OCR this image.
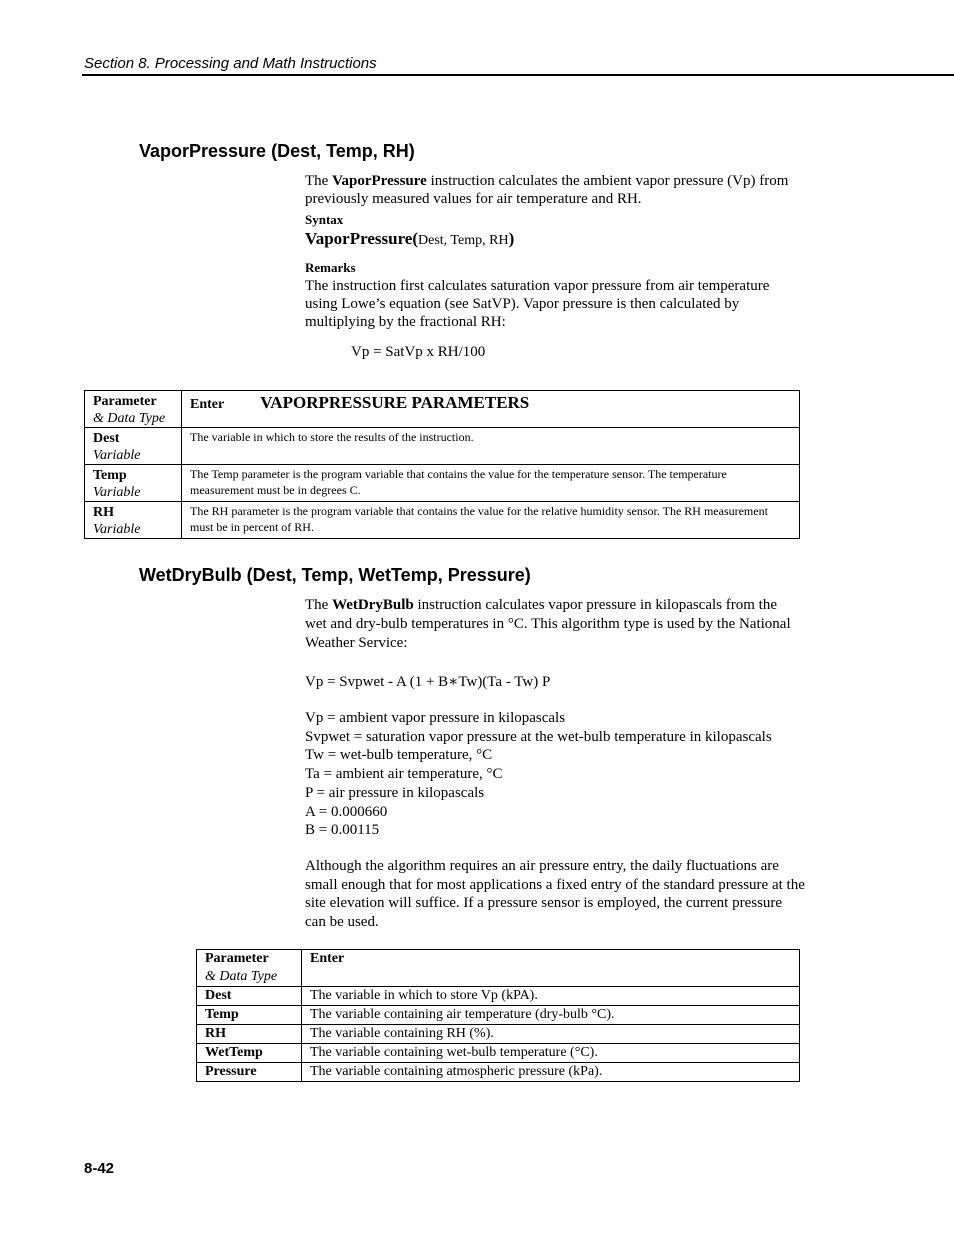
Section 8. Processing and Math Instructions
VaporPressure (Dest, Temp, RH)
The VaporPressure instruction calculates the ambient vapor pressure (Vp) from previously measured values for air temperature and RH.
Syntax
VaporPressure(Dest, Temp, RH)
Remarks
The instruction first calculates saturation vapor pressure from air temperature using Lowe’s equation (see SatVP). Vapor pressure is then calculated by multiplying by the fractional RH:
Vp = SatVp x RH/100
Parameter
& Data Type	Enter VAPORPRESSURE PARAMETERS

Dest
Variable	The variable in which to store the results of the instruction.

Temp
Variable	The Temp parameter is the program variable that contains the value for the temperature sensor. The temperature measurement must be in degrees C.

RH
Variable	The RH parameter is the program variable that contains the value for the relative humidity sensor. The RH measurement must be in percent of RH.
WetDryBulb (Dest, Temp, WetTemp, Pressure)
The WetDryBulb instruction calculates vapor pressure in kilopascals from the wet and dry-bulb temperatures in °C. This algorithm type is used by the National Weather Service:
Vp = Svpwet - A (1 + B∗Tw)(Ta - Tw) P
Vp = ambient vapor pressure in kilopascals
Svpwet = saturation vapor pressure at the wet-bulb temperature in kilopascals
Tw = wet-bulb temperature, °C
Ta = ambient air temperature, °C
P = air pressure in kilopascals
A = 0.000660
B = 0.00115
Although the algorithm requires an air pressure entry, the daily fluctuations are small enough that for most applications a fixed entry of the standard pressure at the site elevation will suffice. If a pressure sensor is employed, the current pressure can be used.
Parameter
& Data Type	Enter
Dest	The variable in which to store Vp (kPA).
Temp	The variable containing air temperature (dry-bulb °C).
RH	The variable containing RH (%).
WetTemp	The variable containing wet-bulb temperature (°C).
Pressure	The variable containing atmospheric pressure (kPa).
8-42
